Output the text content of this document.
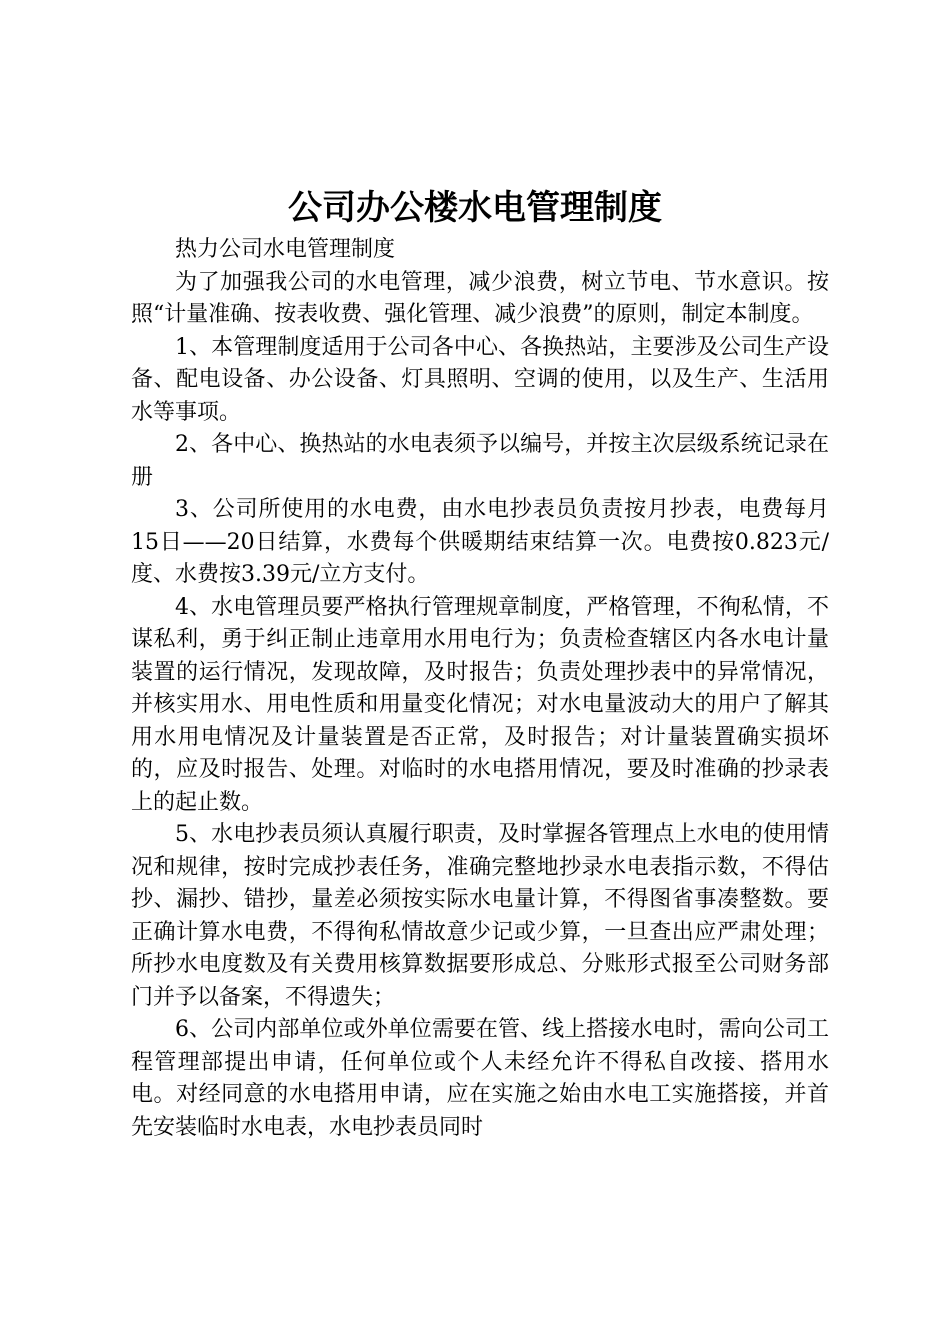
公司办公楼水电管理制度

热力公司水电管理制度

为了加强我公司的水电管理，减少浪费，树立节电、节水意识。按照“计量准确、按表收费、强化管理、减少浪费”的原则，制定本制度。

1、本管理制度适用于公司各中心、各换热站，主要涉及公司生产设备、配电设备、办公设备、灯具照明、空调的使用，以及生产、生活用水等事项。

2、各中心、换热站的水电表须予以编号，并按主次层级系统记录在册

3、公司所使用的水电费，由水电抄表员负责按月抄表，电费每月15日——20日结算，水费每个供暖期结束结算一次。电费按0.823元/度、水费按3.39元/立方支付。

4、水电管理员要严格执行管理规章制度，严格管理，不徇私情，不谋私利，勇于纠正制止违章用水用电行为；负责检查辖区内各水电计量装置的运行情况，发现故障，及时报告；负责处理抄表中的异常情况，并核实用水、用电性质和用量变化情况；对水电量波动大的用户了解其用水用电情况及计量装置是否正常，及时报告；对计量装置确实损坏的，应及时报告、处理。对临时的水电搭用情况，要及时准确的抄录表上的起止数。

5、水电抄表员须认真履行职责，及时掌握各管理点上水电的使用情况和规律，按时完成抄表任务，准确完整地抄录水电表指示数，不得估抄、漏抄、错抄，量差必须按实际水电量计算，不得图省事凑整数。要正确计算水电费，不得徇私情故意少记或少算，一旦查出应严肃处理；所抄水电度数及有关费用核算数据要形成总、分账形式报至公司财务部门并予以备案，不得遗失；

6、公司内部单位或外单位需要在管、线上搭接水电时，需向公司工程管理部提出申请，任何单位或个人未经允许不得私自改接、搭用水电。对经同意的水电搭用申请，应在实施之始由水电工实施搭接，并首先安装临时水电表，水电抄表员同时
